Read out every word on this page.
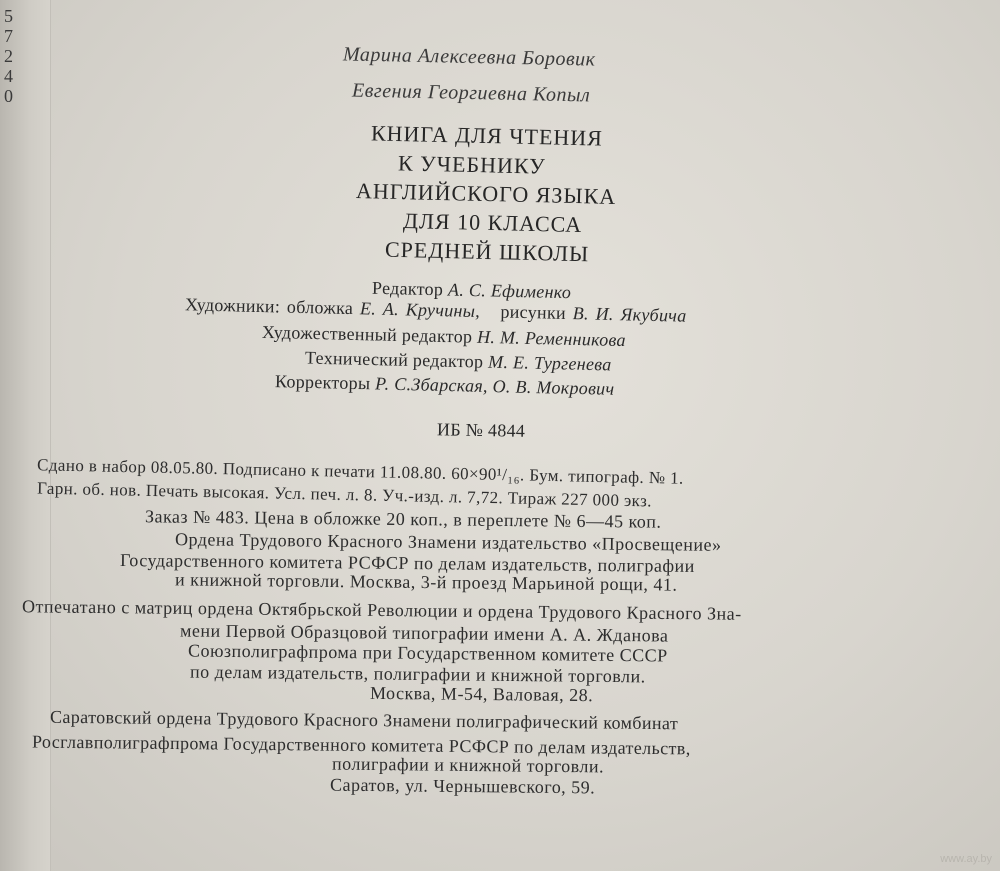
5
7
2
4
0
Марина Алексеевна Боровик
Евгения Георгиевна Копыл
КНИГА ДЛЯ ЧТЕНИЯ
К УЧЕБНИКУ
АНГЛИЙСКОГО ЯЗЫКА
ДЛЯ 10 КЛАССА
СРЕДНЕЙ ШКОЛЫ
Редактор А. С. Ефименко
Художники: обложка Е. А. Кручины, рисунки В. И. Якубича
Художественный редактор Н. М. Ременникова
Технический редактор М. Е. Тургенева
Корректоры Р. С.Збарская, О. В. Мокрович
ИБ № 4844
Сдано в набор 08.05.80. Подписано к печати 11.08.80. 60×90¹/₁₆. Бум. типограф. № 1.
Гарн. об. нов. Печать высокая. Усл. печ. л. 8. Уч.-изд. л. 7,72. Тираж 227 000 экз.
Заказ № 483. Цена в обложке 20 коп., в переплете № 6—45 коп.
Ордена Трудового Красного Знамени издательство «Просвещение»
Государственного комитета РСФСР по делам издательств, полиграфии
и книжной торговли. Москва, 3-й проезд Марьиной рощи, 41.
Отпечатано с матриц ордена Октябрьской Революции и ордена Трудового Красного Зна-
мени Первой Образцовой типографии имени А. А. Жданова
Союзполиграфпрома при Государственном комитете СССР
по делам издательств, полиграфии и книжной торговли.
Москва, М-54, Валовая, 28.
Саратовский ордена Трудового Красного Знамени полиграфический комбинат
Росглавполиграфпрома Государственного комитета РСФСР по делам издательств,
полиграфии и книжной торговли.
Саратов, ул. Чернышевского, 59.
www.ay.by
